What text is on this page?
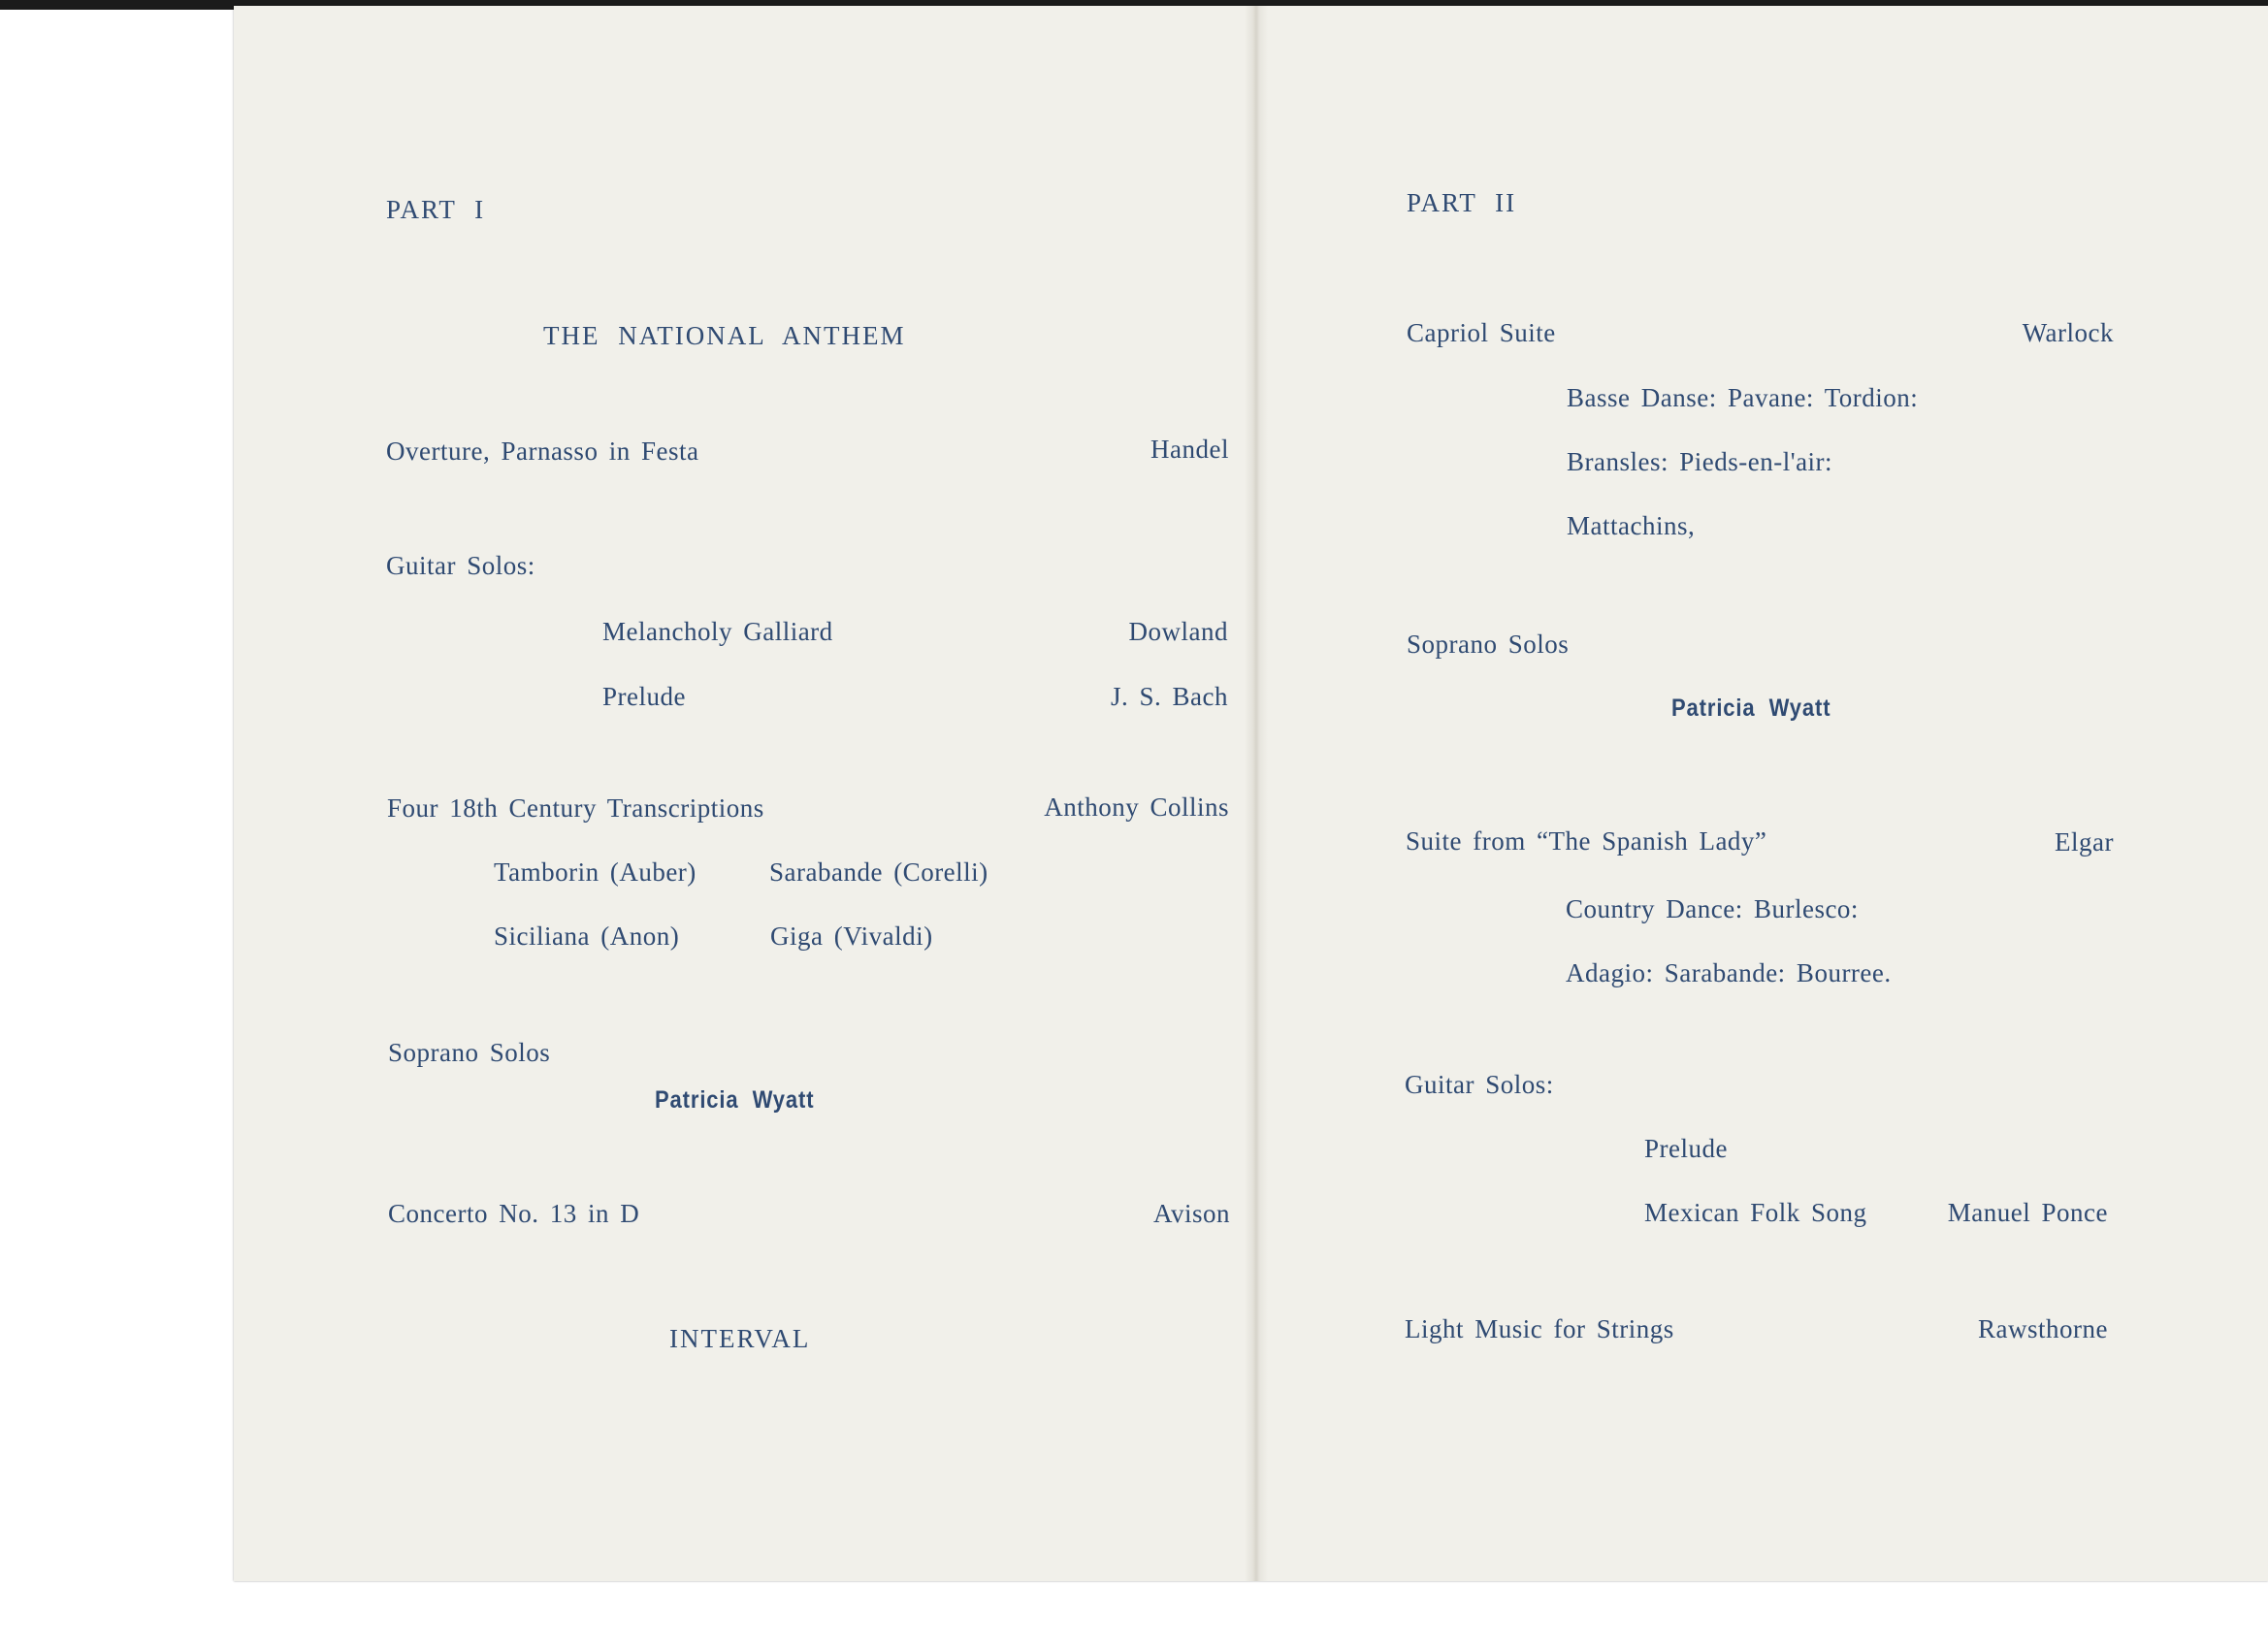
PART I
THE NATIONAL ANTHEM
Overture, Parnasso in Festa	Handel
Guitar Solos:
Melancholy Galliard	Dowland
Prelude	J. S. Bach
Four 18th Century Transcriptions	Anthony Collins
Tamborin (Auber)	Sarabande (Corelli)
Siciliana (Anon)	Giga (Vivaldi)
Soprano Solos
Patricia Wyatt
Concerto No. 13 in D	Avison
INTERVAL
PART II
Capriol Suite	Warlock
Basse Danse: Pavane: Tordion:
Bransles: Pieds-en-l'air:
Mattachins,
Soprano Solos
Patricia Wyatt
Suite from “The Spanish Lady”	Elgar
Country Dance: Burlesco:
Adagio: Sarabande: Bourree.
Guitar Solos:
Prelude
Mexican Folk Song	Manuel Ponce
Light Music for Strings	Rawsthorne
